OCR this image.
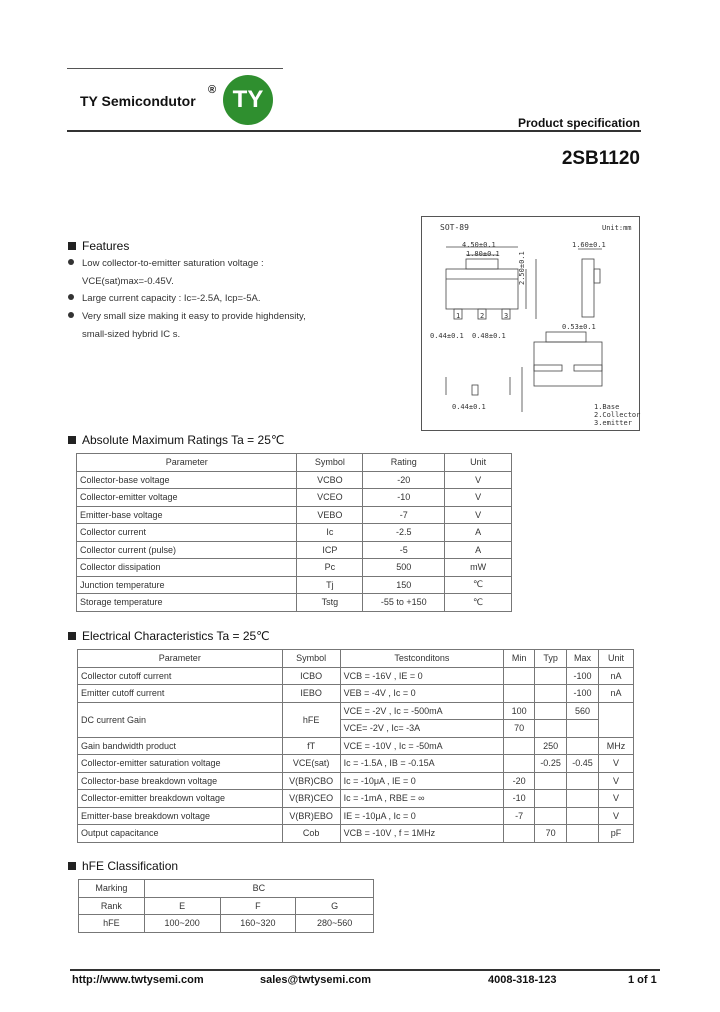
TY Semicondutor
® TY
Product specification
2SB1120
Features
Low collector-to-emitter saturation voltage :
VCE(sat)max=-0.45V.
Large current capacity : Ic=-2.5A, Icp=-5A.
Very small size making it easy to provide highdensity,
small-sized hybrid IC s.
SOT-89	Unit:mm
4.50±0.1
1.80±0.1
1.60±0.1
2.50±0.1
0.44±0.1 0.48±0.1
0.44±0.1
0.53±0.1
1	2	3
1.Base
2.Collector
3.emitter
Absolute Maximum Ratings Ta = 25℃
Parameter	Symbol	Rating	Unit
Collector-base voltage	VCBO	-20	V
Collector-emitter voltage	VCEO	-10	V
Emitter-base voltage	VEBO	-7	V
Collector current	Ic	-2.5	A
Collector current (pulse)	ICP	-5	A
Collector dissipation	Pc	500	mW
Junction temperature	Tj	150	℃
Storage temperature	Tstg	-55 to +150	℃
Electrical Characteristics Ta = 25℃
Parameter	Symbol	Testconditons	Min	Typ	Max	Unit
Collector cutoff current	ICBO	VCB = -16V , IE = 0			-100	nA
Emitter cutoff current	IEBO	VEB = -4V , Ic = 0			-100	nA
DC current Gain	hFE	VCE = -2V , Ic = -500mA	100		560	
		VCE= -2V , Ic= -3A	70			
Gain bandwidth product	fT	VCE = -10V , Ic = -50mA		250		MHz
Collector-emitter saturation voltage	VCE(sat)	Ic = -1.5A , IB = -0.15A		-0.25	-0.45	V
Collector-base breakdown voltage	V(BR)CBO	Ic = -10μA , IE = 0	-20			V
Collector-emitter breakdown voltage	V(BR)CEO	Ic = -1mA , RBE = ∞	-10			V
Emitter-base breakdown voltage	V(BR)EBO	IE = -10μA , Ic = 0	-7			V
Output capacitance	Cob	VCB = -10V , f = 1MHz		70		pF
hFE Classification
Marking	BC		
Rank	E	F	G
hFE	100~200	160~320	280~560
http://www.twtysemi.com	sales@twtysemi.com	4008-318-123	1 of 1
